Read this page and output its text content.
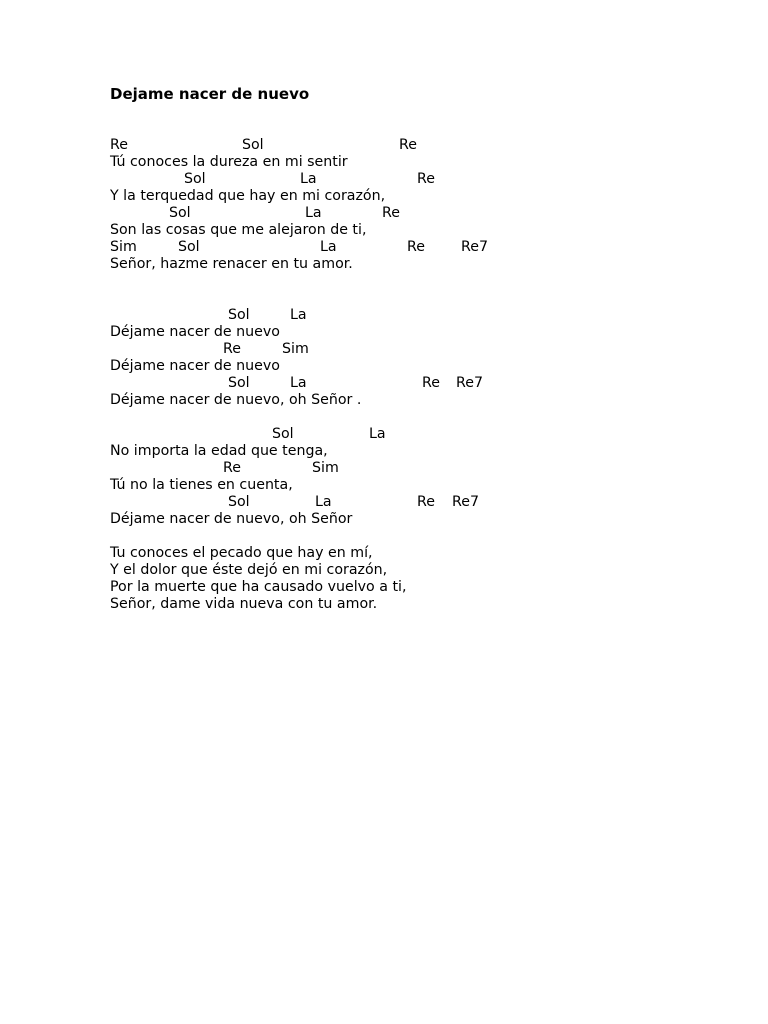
Dejame nacer de nuevo
Re	Sol	Re
Tú conoces la dureza en mi sentir
Sol	La	Re
Y la terquedad que hay en mi corazón,
Sol	La	Re
Son las cosas que me alejaron de ti,
Sim	Sol	La	Re	Re7
Señor, hazme renacer en tu amor.
Sol	La
Déjame nacer de nuevo
Re	Sim
Déjame nacer de nuevo
Sol	La	Re Re7
Déjame nacer de nuevo, oh Señor .
Sol	La
No importa la edad que tenga,
Re	Sim
Tú no la tienes en cuenta,
Sol	La	Re Re7
Déjame nacer de nuevo, oh Señor
Tu conoces el pecado que hay en mí,
Y el dolor que éste dejó en mi corazón,
Por la muerte que ha causado vuelvo a ti,
Señor, dame vida nueva con tu amor.
